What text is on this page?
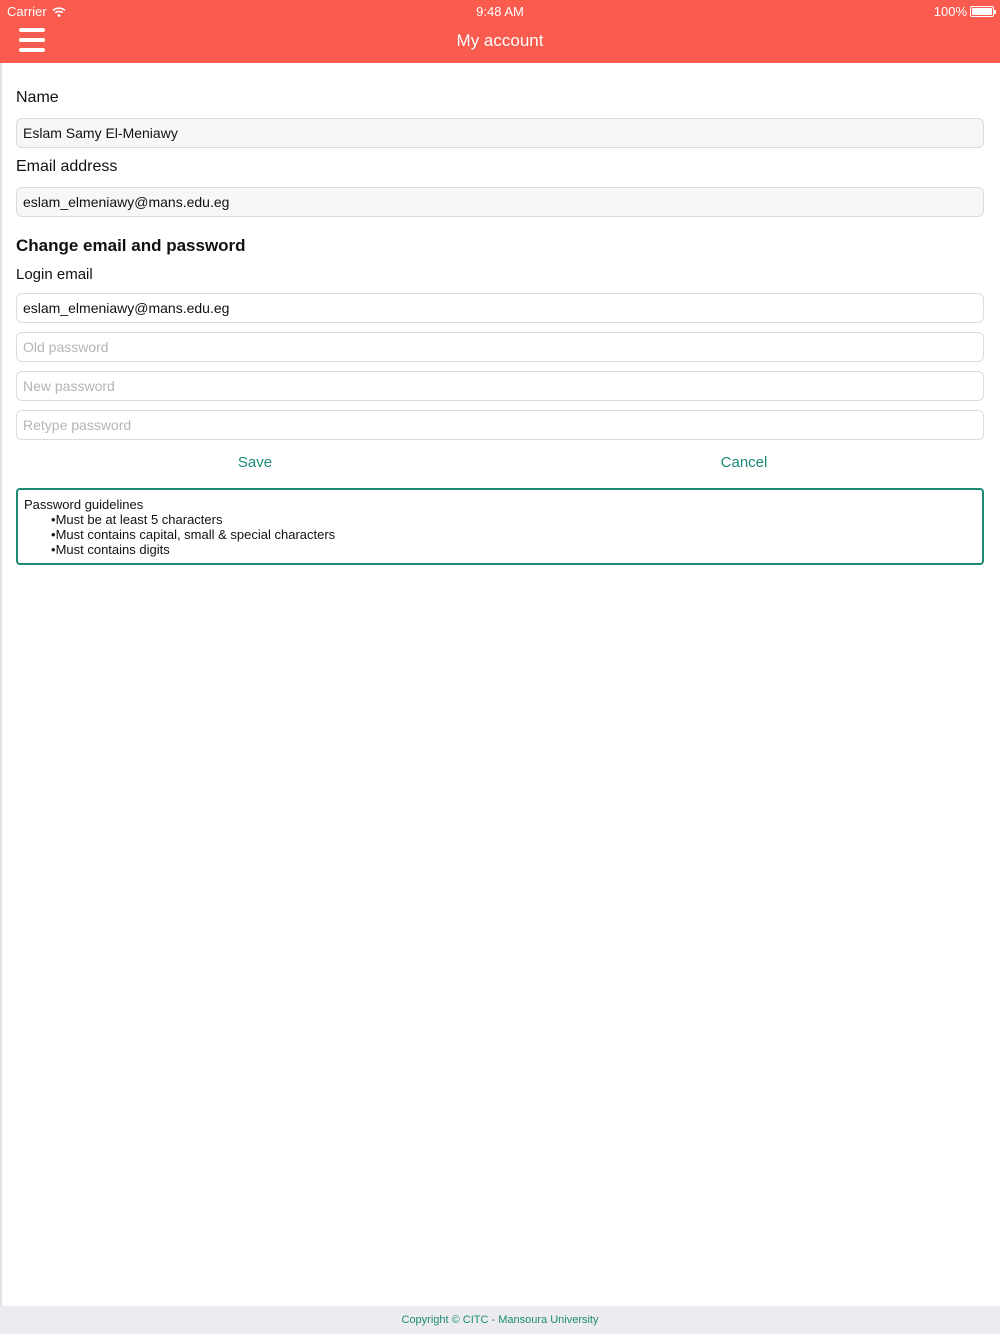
Carrier	9:48 AM	100%
My account
Name
Eslam Samy El-Meniawy
Email address
eslam_elmeniawy@mans.edu.eg
Change email and password
Login email
eslam_elmeniawy@mans.edu.eg
Save	Cancel
Password guidelines
• Must be at least 5 characters
• Must contains capital, small & special characters
• Must contains digits
Copyright © CITC - Mansoura University
